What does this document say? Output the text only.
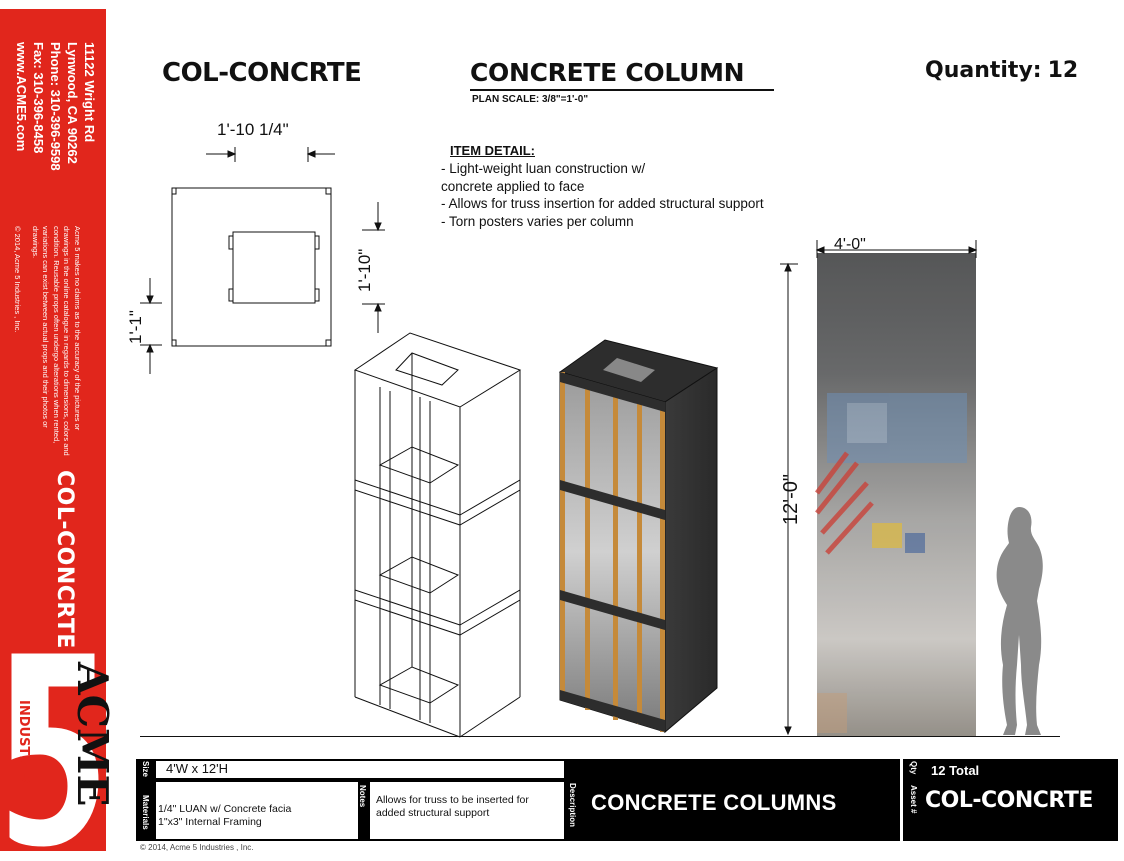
11122 Wright Rd
Lynwood, CA 90262
Phone: 310-396-9598
Fax: 310-396-8458
www.ACME5.com
Acme 5 makes no claims as to the accuracy of the pictures or drawings in the online catalogue in regards to dimensions, colors and condition. Reusable props often undergo alterations when rented, variations can exist between actual props and their photos or drawings.
© 2014, Acme 5 Industries , Inc.
COL-CONCRTE
ACME
INDUSTRIES
COL-CONCRTE	CONCRETE COLUMN
PLAN SCALE: 3/8"=1'-0"
Quantity: 12
ITEM DETAIL:
- Light-weight luan construction w/
concrete applied to face
- Allows for truss insertion for added structural support
- Torn posters varies per column
1'-10 1/4"
1'-10"
1'-1"
4'-0"
12'-0"
Size 4'W x 12'H
Materials 1/4" LUAN w/ Concrete facia
1"x3" Internal Framing
Notes Allows for truss to be inserted for
added structural support	Description CONCRETE COLUMNS
Qty 12 Total
Asset # COL-CONCRTE
© 2014, Acme 5 Industries , Inc.
